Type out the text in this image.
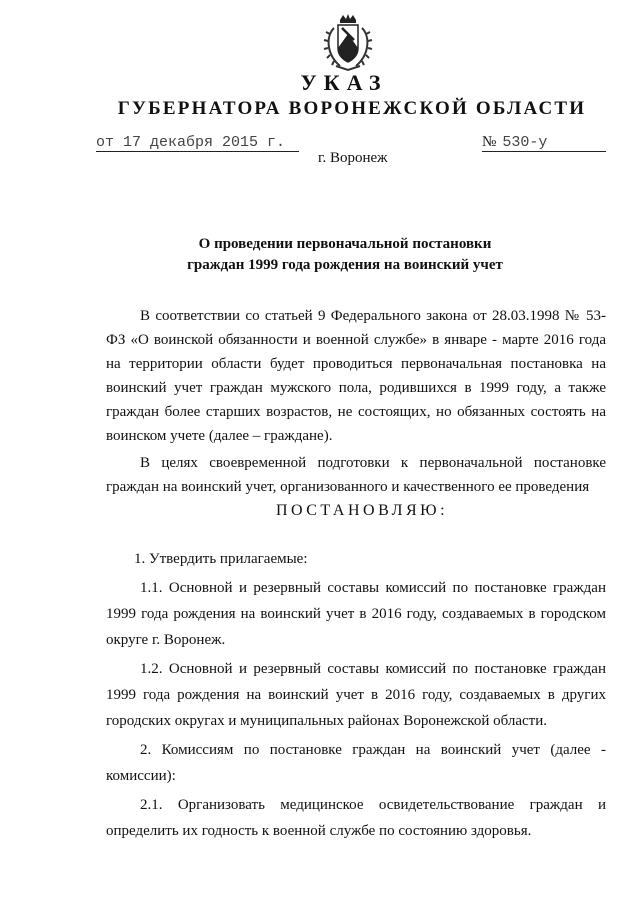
УКАЗ
ГУБЕРНАТОРА ВОРОНЕЖСКОЙ ОБЛАСТИ
от 17 декабря 2015 г.	№ 530-у
г. Воронеж
О проведении первоначальной постановки
граждан 1999 года рождения на воинский учет

В соответствии со статьей 9 Федерального закона от 28.03.1998 № 53-ФЗ «О воинской обязанности и военной службе» в январе - марте 2016 года на территории области будет проводиться первоначальная постановка на воинский учет граждан мужского пола, родившихся в 1999 году, а также граждан более старших возрастов, не состоящих, но обязанных состоять на воинском учете (далее – граждане).

В целях своевременной подготовки к первоначальной постановке граждан на воинский учет, организованного и качественного ее проведения

ПОСТАНОВЛЯЮ:

1. Утвердить прилагаемые:

1.1. Основной и резервный составы комиссий по постановке граждан 1999 года рождения на воинский учет в 2016 году, создаваемых в городском округе г. Воронеж.

1.2. Основной и резервный составы комиссий по постановке граждан 1999 года рождения на воинский учет в 2016 году, создаваемых в других городских округах и муниципальных районах Воронежской области.

2. Комиссиям по постановке граждан на воинский учет (далее - комиссии):

2.1. Организовать медицинское освидетельствование граждан и определить их годность к военной службе по состоянию здоровья.
